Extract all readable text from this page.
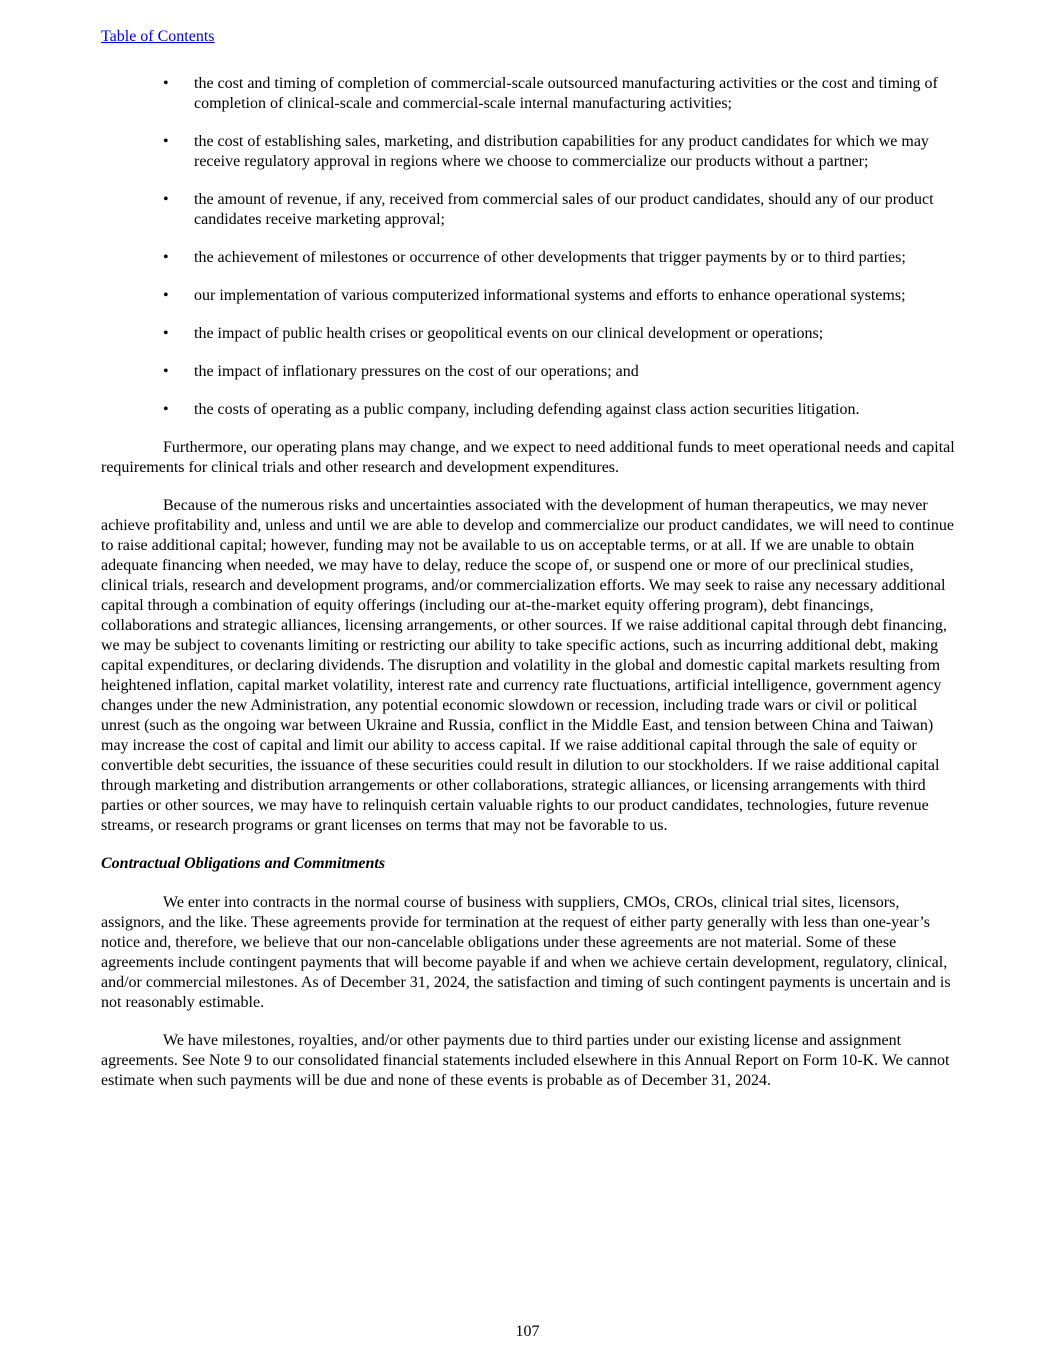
Table of Contents
• the cost and timing of completion of commercial-scale outsourced manufacturing activities or the cost and timing of completion of clinical-scale and commercial-scale internal manufacturing activities;
• the cost of establishing sales, marketing, and distribution capabilities for any product candidates for which we may receive regulatory approval in regions where we choose to commercialize our products without a partner;
• the amount of revenue, if any, received from commercial sales of our product candidates, should any of our product candidates receive marketing approval;
• the achievement of milestones or occurrence of other developments that trigger payments by or to third parties;
• our implementation of various computerized informational systems and efforts to enhance operational systems;
• the impact of public health crises or geopolitical events on our clinical development or operations;
• the impact of inflationary pressures on the cost of our operations; and
• the costs of operating as a public company, including defending against class action securities litigation.

Furthermore, our operating plans may change, and we expect to need additional funds to meet operational needs and capital requirements for clinical trials and other research and development expenditures.

Because of the numerous risks and uncertainties associated with the development of human therapeutics, we may never achieve profitability and, unless and until we are able to develop and commercialize our product candidates, we will need to continue to raise additional capital; however, funding may not be available to us on acceptable terms, or at all. If we are unable to obtain adequate financing when needed, we may have to delay, reduce the scope of, or suspend one or more of our preclinical studies, clinical trials, research and development programs, and/or commercialization efforts. We may seek to raise any necessary additional capital through a combination of equity offerings (including our at-the-market equity offering program), debt financings, collaborations and strategic alliances, licensing arrangements, or other sources. If we raise additional capital through debt financing, we may be subject to covenants limiting or restricting our ability to take specific actions, such as incurring additional debt, making capital expenditures, or declaring dividends. The disruption and volatility in the global and domestic capital markets resulting from heightened inflation, capital market volatility, interest rate and currency rate fluctuations, artificial intelligence, government agency changes under the new Administration, any potential economic slowdown or recession, including trade wars or civil or political unrest (such as the ongoing war between Ukraine and Russia, conflict in the Middle East, and tension between China and Taiwan) may increase the cost of capital and limit our ability to access capital. If we raise additional capital through the sale of equity or convertible debt securities, the issuance of these securities could result in dilution to our stockholders. If we raise additional capital through marketing and distribution arrangements or other collaborations, strategic alliances, or licensing arrangements with third parties or other sources, we may have to relinquish certain valuable rights to our product candidates, technologies, future revenue streams, or research programs or grant licenses on terms that may not be favorable to us.

Contractual Obligations and Commitments

We enter into contracts in the normal course of business with suppliers, CMOs, CROs, clinical trial sites, licensors, assignors, and the like. These agreements provide for termination at the request of either party generally with less than one-year’s notice and, therefore, we believe that our non-cancelable obligations under these agreements are not material. Some of these agreements include contingent payments that will become payable if and when we achieve certain development, regulatory, clinical, and/or commercial milestones. As of December 31, 2024, the satisfaction and timing of such contingent payments is uncertain and is not reasonably estimable.

We have milestones, royalties, and/or other payments due to third parties under our existing license and assignment agreements. See Note 9 to our consolidated financial statements included elsewhere in this Annual Report on Form 10-K. We cannot estimate when such payments will be due and none of these events is probable as of December 31, 2024.

107
